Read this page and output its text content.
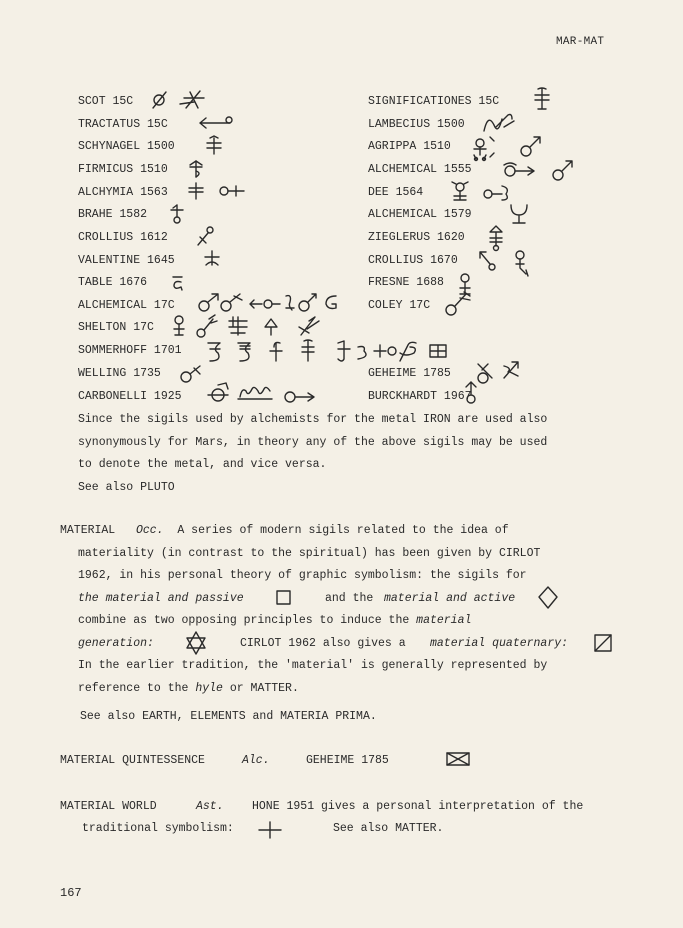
MAR-MAT
SCOT 15C
TRACTATUS 15C
SCHYNAGEL 1500
FIRMICUS 1510
ALCHYMIA 1563
BRAHE 1582
CROLLIUS 1612
VALENTINE 1645
TABLE 1676
ALCHEMICAL 17C
SHELTON 17C
SOMMERHOFF 1701
WELLING 1735
CARBONELLI 1925
SIGNIFICATIONES 15C
LAMBECIUS 1500
AGRIPPA 1510
ALCHEMICAL 1555
DEE 1564
ALCHEMICAL 1579
ZIEGLERUS 1620
CROLLIUS 1670
FRESNE 1688
COLEY 17C
GEHEIME 1785
BURCKHARDT 1967
Since the sigils used by alchemists for the metal IRON are used also
synonymously for Mars, in theory any of the above sigils may be used
to denote the metal, and vice versa.
See also PLUTO
MATERIAL Occ. A series of modern sigils related to the idea of
materiality (in contrast to the spiritual) has been given by CIRLOT
1962, in his personal theory of graphic symbolism: the sigils for
the material and passive	and the material and active
combine as two opposing principles to induce the material
generation:	CIRLOT 1962 also gives a material quaternary:
In the earlier tradition, the 'material' is generally represented by
reference to the hyle or MATTER.
See also EARTH, ELEMENTS and MATERIA PRIMA.
MATERIAL QUINTESSENCE	Alc.	GEHEIME 1785
MATERIAL WORLD	Ast. HONE 1951 gives a personal interpretation of the
traditional symbolism:	See also MATTER.
167
